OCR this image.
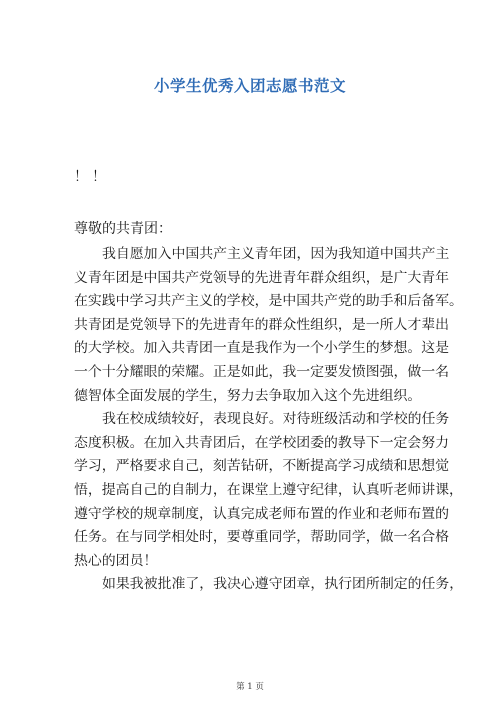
小学生优秀入团志愿书范文
！！
尊敬的共青团：
我自愿加入中国共产主义青年团，因为我知道中国共产主
义青年团是中国共产党领导的先进青年群众组织，是广大青年
在实践中学习共产主义的学校，是中国共产党的助手和后备军。
共青团是党领导下的先进青年的群众性组织，是一所人才辈出
的大学校。加入共青团一直是我作为一个小学生的梦想。这是
一个十分耀眼的荣耀。正是如此，我一定要发愤图强，做一名
德智体全面发展的学生，努力去争取加入这个先进组织。
我在校成绩较好，表现良好。对待班级活动和学校的任务
态度积极。在加入共青团后，在学校团委的教导下一定会努力
学习，严格要求自己，刻苦钻研，不断提高学习成绩和思想觉
悟，提高自己的自制力，在课堂上遵守纪律，认真听老师讲课，
遵守学校的规章制度，认真完成老师布置的作业和老师布置的
任务。在与同学相处时，要尊重同学，帮助同学，做一名合格
热心的团员！
如果我被批准了，我决心遵守团章，执行团所制定的任务，
第 1 页
